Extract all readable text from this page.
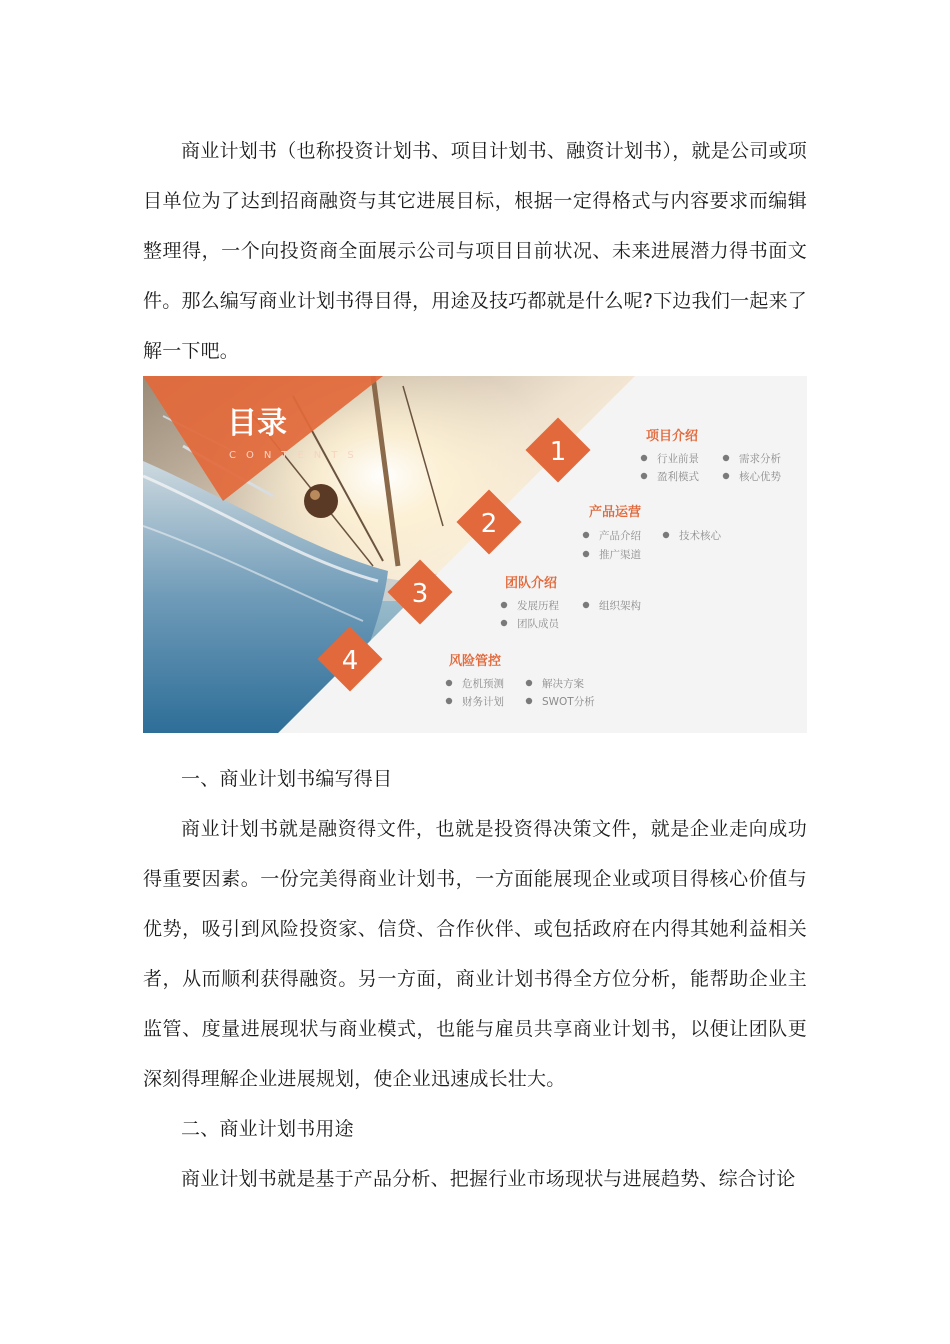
商业计划书（也称投资计划书、项目计划书、融资计划书），就是公司或项目单位为了达到招商融资与其它进展目标，根据一定得格式与内容要求而编辑整理得，一个向投资商全面展示公司与项目目前状况、未来进展潜力得书面文件。那么编写商业计划书得目得，用途及技巧都就是什么呢?下边我们一起来了解一下吧。

目录
CONTENTS	1
2
3
4
项目介绍
行业前景	需求分析
盈利模式	核心优势
产品运营
产品介绍	技术核心
推广渠道
团队介绍
发展历程	组织架构
团队成员
风险管控
危机预测	解决方案
财务计划	SWOT分析

一、商业计划书编写得目

商业计划书就是融资得文件，也就是投资得决策文件，就是企业走向成功得重要因素。一份完美得商业计划书，一方面能展现企业或项目得核心价值与优势，吸引到风险投资家、信贷、合作伙伴、或包括政府在内得其她利益相关者，从而顺利获得融资。另一方面，商业计划书得全方位分析，能帮助企业主监管、度量进展现状与商业模式，也能与雇员共享商业计划书，以便让团队更深刻得理解企业进展规划，使企业迅速成长壮大。

二、商业计划书用途

商业计划书就是基于产品分析、把握行业市场现状与进展趋势、综合讨论
